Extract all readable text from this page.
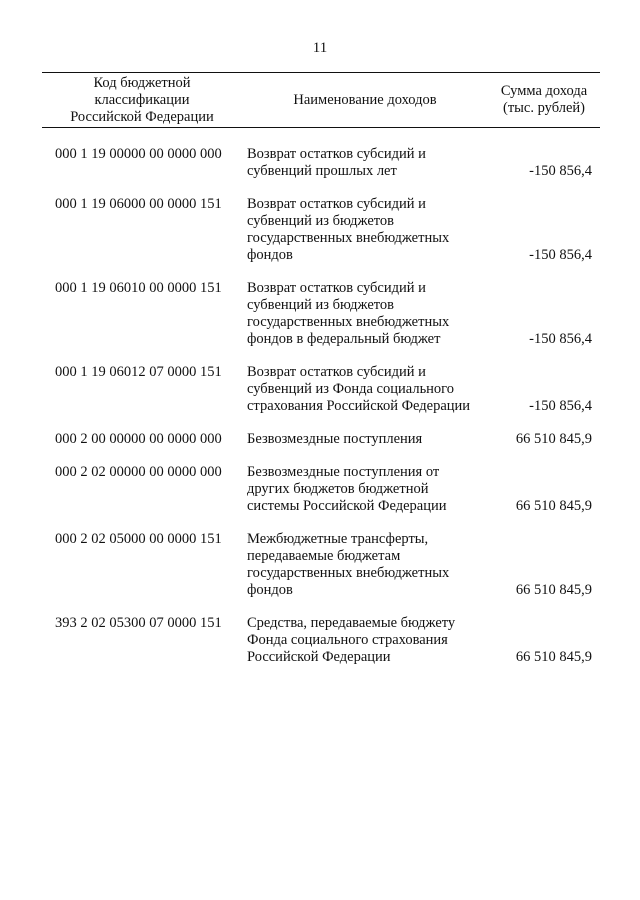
11
Код бюджетной
классификации
Российской Федерации
Наименование доходов
Сумма дохода
(тыс. рублей)
000 1 19 00000 00 0000 000 Возврат остатков субсидий и
субвенций прошлых лет	-150 856,4
000 1 19 06000 00 0000 151 Возврат остатков субсидий и
субвенций из бюджетов
государственных внебюджетных
фондов	-150 856,4
000 1 19 06010 00 0000 151 Возврат остатков субсидий и
субвенций из бюджетов
государственных внебюджетных
фондов в федеральный бюджет	-150 856,4
000 1 19 06012 07 0000 151 Возврат остатков субсидий и
субвенций из Фонда социального
страхования Российской Федерации	-150 856,4
000 2 00 00000 00 0000 000 Безвозмездные поступления	66 510 845,9
000 2 02 00000 00 0000 000 Безвозмездные поступления от
других бюджетов бюджетной
системы Российской Федерации	66 510 845,9
000 2 02 05000 00 0000 151 Межбюджетные трансферты,
передаваемые бюджетам
государственных внебюджетных
фондов	66 510 845,9
393 2 02 05300 07 0000 151 Средства, передаваемые бюджету
Фонда социального страхования
Российской Федерации	66 510 845,9
